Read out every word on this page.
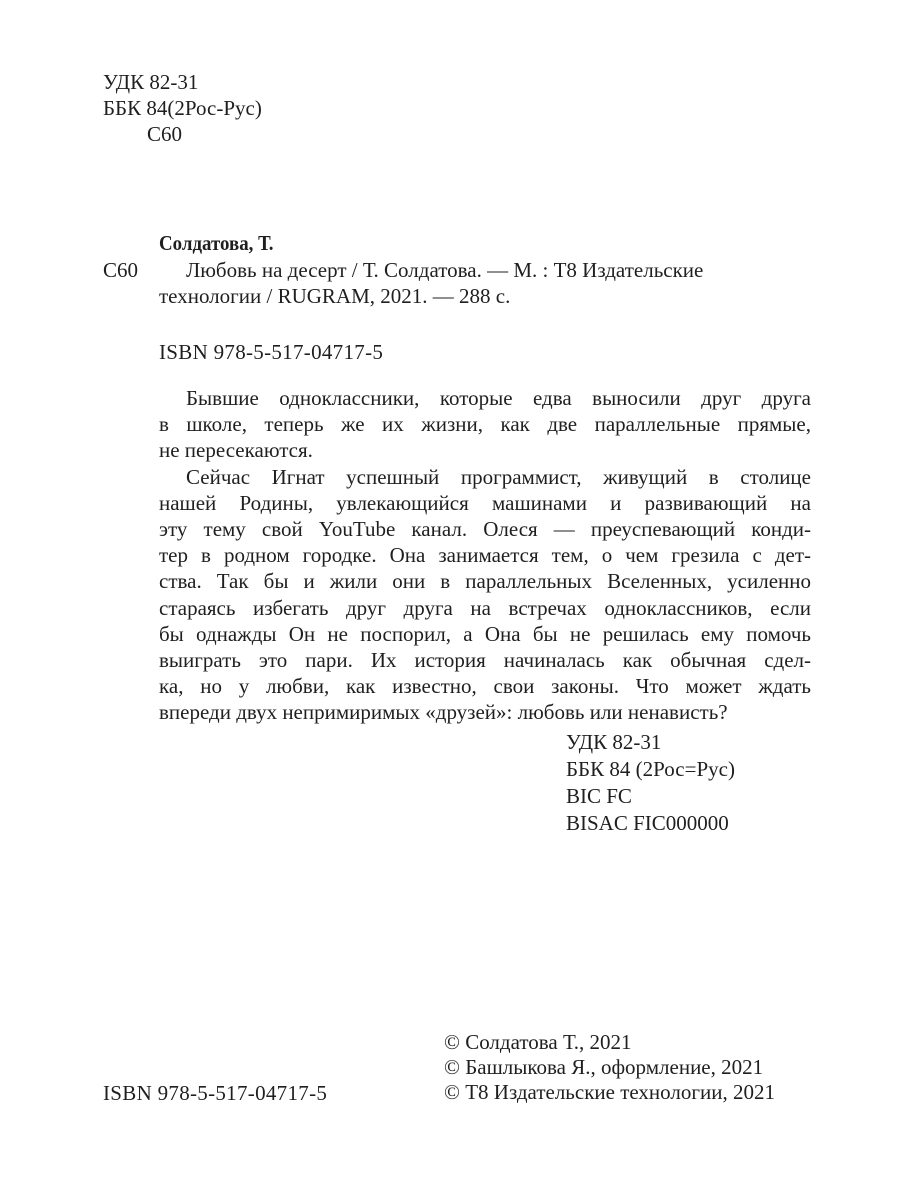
УДК 82-31
ББК 84(2Рос-Рус)
С60
Солдатова, Т.
С60	Любовь на десерт / Т. Солдатова. — М. : Т8 Издательские
технологии / RUGRAM, 2021. — 288 с.
ISBN 978-5-517-04717-5
Бывшие одноклассники, которые едва выносили друг друга
в школе, теперь же их жизни, как две параллельные прямые,
не пересекаются.
Сейчас Игнат успешный программист, живущий в столице
нашей Родины, увлекающийся машинами и развивающий на
эту тему свой YouTube канал. Олеся — преуспевающий конди-
тер в родном городке. Она занимается тем, о чем грезила с дет-
ства. Так бы и жили они в параллельных Вселенных, усиленно
стараясь избегать друг друга на встречах одноклассников, если
бы однажды Он не поспорил, а Она бы не решилась ему помочь
выиграть это пари. Их история начиналась как обычная сдел-
ка, но у любви, как известно, свои законы. Что может ждать
впереди двух непримиримых «друзей»: любовь или ненависть?
УДК 82-31
ББК 84 (2Рос=Рус)
BIC FC
BISAC FIC000000
© Солдатова Т., 2021
© Башлыкова Я., оформление, 2021
© Т8 Издательские технологии, 2021
ISBN 978-5-517-04717-5
